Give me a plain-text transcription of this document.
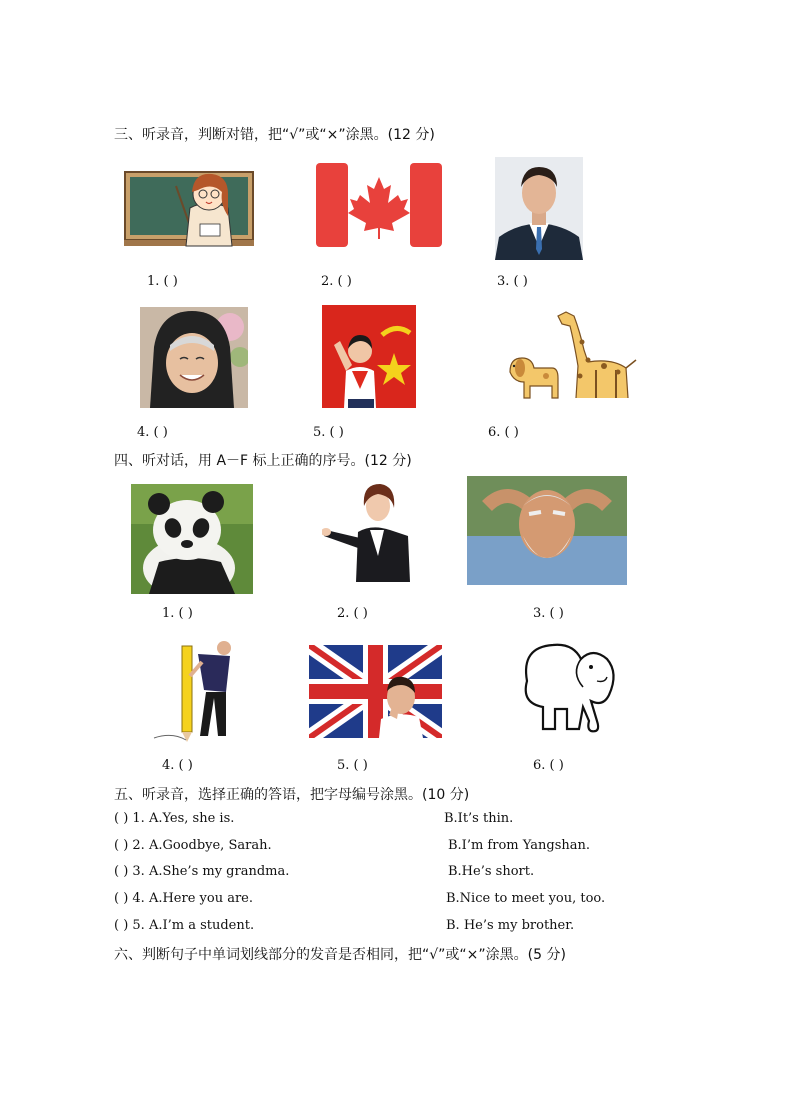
三、听录音，判断对错，把“√”或“×”涂黑。(12 分)
1. ( )	2. ( )	3. ( )
4. ( )	5. ( )	6. ( )
四、听对话，用 A－F 标上正确的序号。(12 分)
1. ( )	2. ( )	3. ( )
4. ( )	5. ( )	6. ( )
五、听录音，选择正确的答语，把字母编号涂黑。(10 分)
( ) 1. A.Yes, she is.	B.It’s thin.
( ) 2. A.Goodbye, Sarah.	B.I’m from Yangshan.
( ) 3. A.She’s my grandma.	B.He’s short.
( ) 4. A.Here you are.	B.Nice to meet you, too.
( ) 5. A.I’m a student.	B. He’s my brother.
六、判断句子中单词划线部分的发音是否相同，把“√”或“×”涂黑。(5 分)
